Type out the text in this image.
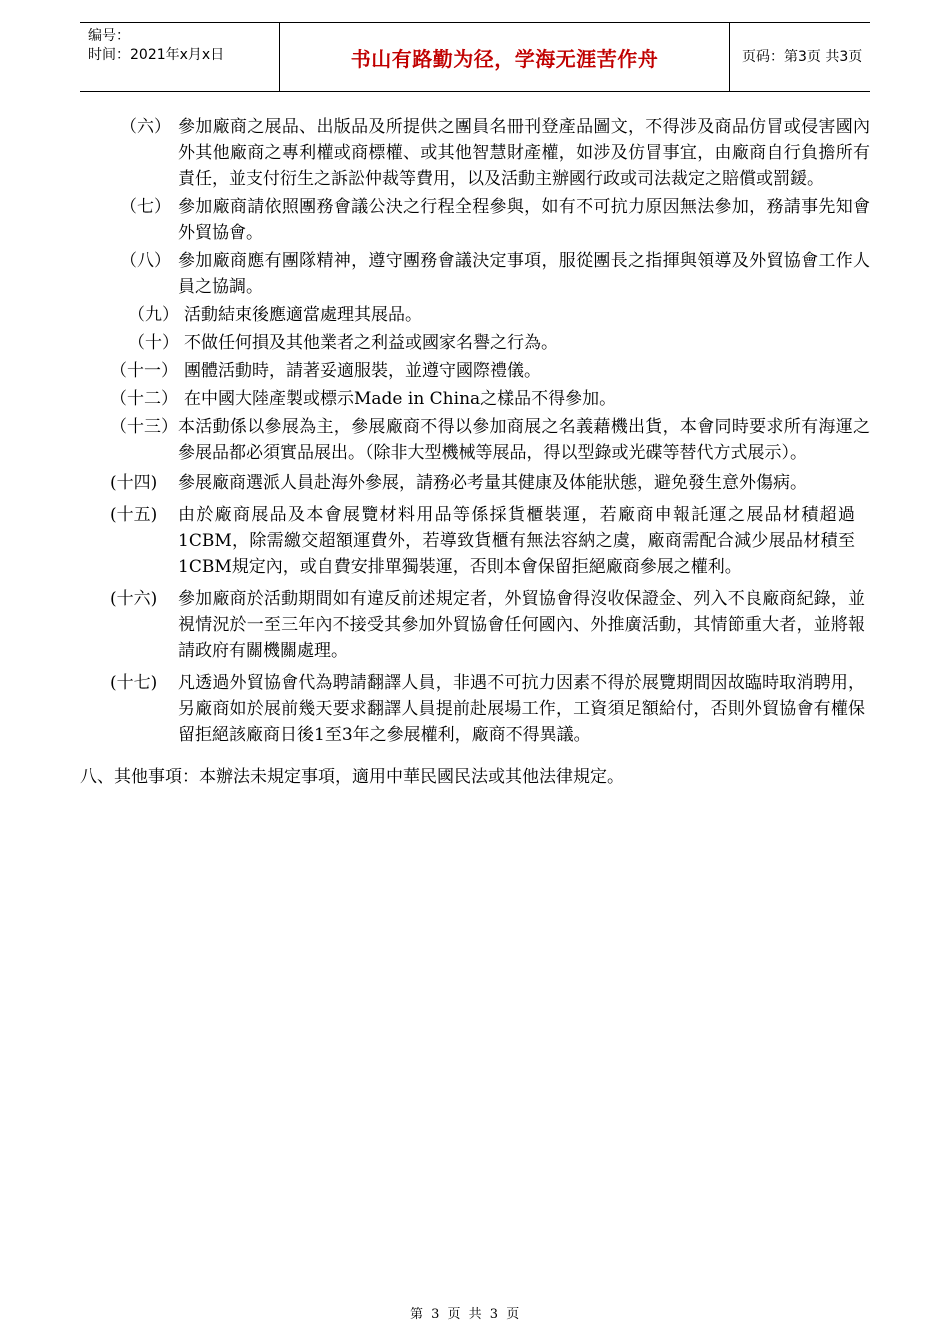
编号：
时间：2021年x月x日	书山有路勤为径，学海无涯苦作舟	页码：第3页 共3页
（六） 參加廠商之展品、出版品及所提供之團員名冊刊登產品圖文，不得涉及商品仿冒或侵害國內外其他廠商之專利權或商標權、或其他智慧財產權，如涉及仿冒事宜，由廠商自行負擔所有責任，並支付衍生之訴訟仲裁等費用，以及活動主辦國行政或司法裁定之賠償或罰鍰。
（七） 參加廠商請依照團務會議公決之行程全程參與，如有不可抗力原因無法參加，務請事先知會外貿協會。
（八） 參加廠商應有團隊精神，遵守團務會議決定事項，服從團長之指揮與領導及外貿協會工作人員之協調。
（九） 活動結束後應適當處理其展品。
（十） 不做任何損及其他業者之利益或國家名譽之行為。
（十一） 團體活動時，請著妥適服裝，並遵守國際禮儀。
（十二） 在中國大陸產製或標示Made in China之樣品不得參加。
（十三） 本活動係以參展為主，參展廠商不得以參加商展之名義藉機出貨，本會同時要求所有海運之參展品都必須實品展出。（除非大型機械等展品，得以型錄或光碟等替代方式展示）。
(十四) 參展廠商選派人員赴海外參展，請務必考量其健康及体能狀態，避免發生意外傷病。
(十五) 由於廠商展品及本會展覽材料用品等係採貨櫃裝運，若廠商申報託運之展品材積超過1CBM，除需繳交超額運費外，若導致貨櫃有無法容納之虞，廠商需配合減少展品材積至1CBM規定內，或自費安排單獨裝運，否則本會保留拒絕廠商參展之權利。
(十六) 參加廠商於活動期間如有違反前述規定者，外貿協會得沒收保證金、列入不良廠商紀錄，並視情況於一至三年內不接受其參加外貿協會任何國內、外推廣活動，其情節重大者，並將報請政府有關機關處理。
(十七) 凡透過外貿協會代為聘請翻譯人員，非遇不可抗力因素不得於展覽期間因故臨時取消聘用，另廠商如於展前幾天要求翻譯人員提前赴展場工作，工資須足額給付，否則外貿協會有權保留拒絕該廠商日後1至3年之參展權利，廠商不得異議。
八、其他事項：本辦法未規定事項，適用中華民國民法或其他法律規定。
第 3 页 共 3 页
